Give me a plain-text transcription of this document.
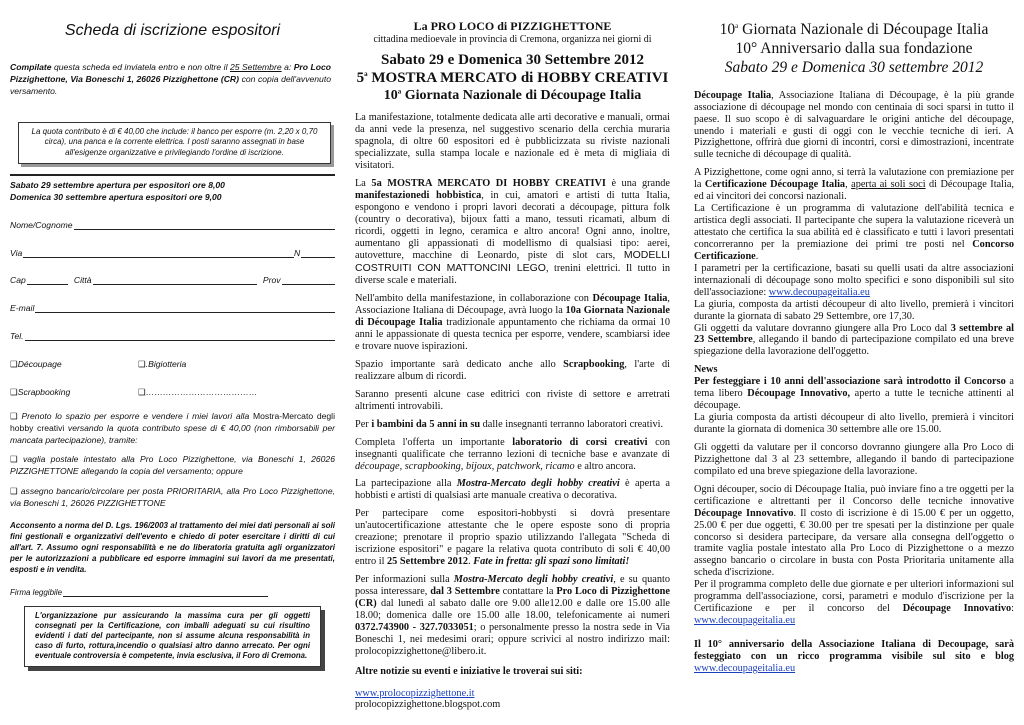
Scheda di iscrizione espositori

Compilate questa scheda ed inviatela entro e non oltre il 25 Settembre a: Pro Loco Pizzighettone, Via Boneschi 1, 26026 Pizzighettone (CR) con copia dell'avvenuto versamento.

La quota contributo è di € 40,00 che include: il banco per esporre (m. 2,20 x 0,70 circa), una panca e la corrente elettrica. I posti saranno assegnati in base all'esigenze organizzative e privilegiando l'ordine di iscrizione.

Sabato 29 settembre apertura per espositori ore 8,00

Domenica 30 settembre apertura espositori ore 9,00

Nome/Cognome
Via	N
Cap	Città	Prov
E-mail
Tel.
❑Découpage	❑.Bigiotteria
❑Scrapbooking	❑…………………………………

❑ Prenoto lo spazio per esporre e vendere i miei lavori alla Mostra-Mercato degli hobby creativi versando la quota contributo spese di € 40,00 (non rimborsabili per mancata partecipazione), tramite:

❑ vaglia postale intestato alla Pro Loco Pizzighettone, via Boneschi 1, 26026 PIZZIGHETTONE allegando la copia del versamento; oppure

❑ assegno bancario/circolare per posta PRIORITARIA, alla Pro Loco Pizzighettone, via Boneschi 1, 26026 PIZZIGHETTONE

Acconsento a norma del D. Lgs. 196/2003 al trattamento dei miei dati personali ai soli fini gestionali e organizzativi dell'evento e chiedo di poter esercitare i diritti di cui all'art. 7. Assumo ogni responsabilità e ne do liberatoria gratuita agli organizzatori per le autorizzazioni a pubblicare ed esporre immagini sui lavori da me presentati, esposti e in vendita.

Firma leggibile
L'organizzazione pur assicurando la massima cura per gli oggetti consegnati per la Certificazione, con imballi adeguati su cui risultino evidenti i dati del partecipante, non si assume alcuna responsabilità in caso di furto, rottura,incendio o qualsiasi altro danno arrecato. Per ogni eventuale controversia è competente, invia esclusiva, il Foro di Cremona.
La PRO LOCO di PIZZIGHETTONE
cittadina medioevale in provincia di Cremona, organizza nei giorni di
Sabato 29 e Domenica 30 Settembre 2012
5$^a$ MOSTRA MERCATO di HOBBY CREATIVI
10$^a$ Giornata Nazionale di Découpage Italia

La manifestazione, totalmente dedicata alle arti decorative e manuali, ormai da anni vede la presenza, nel suggestivo scenario della cerchia muraria spagnola, di oltre 60 espositori ed è pubblicizzata su riviste nazionali specializzate, sulla stampa locale e nazionale ed è meta di migliaia di visitatori.

La 5a MOSTRA MERCATO DI HOBBY CREATIVI è una grande manifestazionedi hobbistica, in cui, amatori e artisti di tutta Italia, espongono e vendono i propri lavori decorati a découpage, pittura folk (country o decorativa), bijoux fatti a mano, tessuti ricamati, album di ricordi, oggetti in legno, ceramica e altro ancora! Ogni anno, inoltre, aumentano gli appassionati di modellismo di qualsiasi tipo: aerei, autovetture, macchine di Leonardo, piste di slot cars, MODELLI COSTRUITI CON MATTONCINI LEGO, trenini elettrici. Il tutto in diverse scale e materiali.

Nell'ambito della manifestazione, in collaborazione con Découpage Italia, Associazione Italiana di Découpage, avrà luogo la 10a Giornata Nazionale di Découpage Italia tradizionale appuntamento che richiama da ormai 10 anni le appassionate di questa tecnica per esporre, vendere, scambiarsi idee e trovare nuove ispirazioni.

Spazio importante sarà dedicato anche allo Scrapbooking, l'arte di realizzare album di ricordi.

Saranno presenti alcune case editrici con riviste di settore e arretrati altrimenti introvabili.

Per i bambini da 5 anni in su dalle insegnanti terranno laboratori creativi.

Completa l'offerta un importante laboratorio di corsi creativi con insegnanti qualificate che terranno lezioni di tecniche base e avanzate di découpage, scrapbooking, bijoux, patchwork, ricamo e altro ancora.

La partecipazione alla Mostra-Mercato degli hobby creativi è aperta a hobbisti e artisti di qualsiasi arte manuale creativa o decorativa.

Per partecipare come espositori-hobbysti si dovrà presentare un'autocertificazione attestante che le opere esposte sono di propria creazione; prenotare il proprio spazio utilizzando l'allegata "Scheda di iscrizione espositori" e pagare la relativa quota contributo di soli € 40,00 entro il 25 Settembre 2012. Fate in fretta: gli spazi sono limitati!

Per informazioni sulla Mostra-Mercato degli hobby creativi, e su quanto possa interessare, dal 3 Settembre contattare la Pro Loco di Pizzighettone (CR) dal lunedì al sabato dalle ore 9.00 alle12.00 e dalle ore 15.00 alle 18.00; domenica dalle ore 15.00 alle 18.00, telefonicamente ai numeri 0372.743900 - 327.7033051; o personalmente presso la nostra sede in Via Boneschi 1, nei medesimi orari; oppure scrivici al nostro indirizzo mail: prolocopizzighettone@libero.it.

Altre notizie su eventi e iniziative le troverai sui siti:

www.prolocopizzighettone.it
prolocopizzighettone.blogspot.com

10$^a$ Giornata Nazionale di Découpage Italia
10° Anniversario dalla sua fondazione
Sabato 29 e Domenica 30 settembre 2012

Découpage Italia, Associazione Italiana di Découpage, è la più grande associazione di découpage nel mondo con centinaia di soci sparsi in tutto il paese. Il suo scopo è di salvaguardare le origini antiche del découpage, unendo i materiali e gusti di oggi con le vecchie tecniche di ieri. A Pizzighettone, offrirà due giorni di incontri, corsi e dimostrazioni, incentrate sulle tecniche di découpage di qualità.

A Pizzighettone, come ogni anno, si terrà la valutazione con premiazione per la Certificazione Découpage Italia, aperta ai soli soci di Découpage Italia, ed ai vincitori dei concorsi nazionali.

La Certificazione è un programma di valutazione dell'abilità tecnica e artistica degli associati. Il partecipante che supera la valutazione riceverà un attestato che certifica la sua abilità ed è classificato e tutti i lavori presentati concorreranno per la premiazione dei primi tre posti nel Concorso Certificazione.

I parametri per la certificazione, basati su quelli usati da altre associazioni internazionali di découpage sono molto specifici e sono disponibili sul sito dell'associazione: www.decoupageitalia.eu

La giuria, composta da artisti découpeur di alto livello, premierà i vincitori durante la giornata di sabato 29 Settembre, ore 17,30.

Gli oggetti da valutare dovranno giungere alla Pro Loco dal 3 settembre al 23 Settembre, allegando il bando di partecipazione compilato ed una breve spiegazione della lavorazione dell'oggetto.

News

Per festeggiare i 10 anni dell'associazione sarà introdotto il Concorso a tema libero Découpage Innovativo, aperto a tutte le tecniche attinenti al découpage.

La giuria composta da artisti découpeur di alto livello, premierà i vincitori durante la giornata di domenica 30 settembre alle ore 15.00.

Gli oggetti da valutare per il concorso dovranno giungere alla Pro Loco di Pizzighettone dal 3 al 23 settembre, allegando il bando di partecipazione compilato ed una breve spiegazione della lavorazione.

Ogni découper, socio di Découpage Italia, può inviare fino a tre oggetti per la certificazione e altrettanti per il Concorso delle tecniche innovative Découpage Innovativo. Il costo di iscrizione è di 15.00 € per un oggetto, 25.00 € per due oggetti, € 30.00 per tre spesati per la distinzione per quale concorso si desidera partecipare, da versare alla consegna dell'oggetto o tramite vaglia postale intestato alla Pro Loco di Pizzighettone o a mezzo assegno bancario o circolare in busta con Posta Prioritaria unitamente alla scheda d'iscrizione.

Per il programma completo delle due giornate e per ulteriori informazioni sul programma dell'associazione, corsi, parametri e modulo d'iscrizione per la Certificazione e per il concorso del Découpage Innovativo: www.decoupageitalia.eu

Il 10° anniversario della Associazione Italiana di Decoupage, sarà festeggiato con un ricco programma visibile sul sito e blog www.decoupageitalia.eu
